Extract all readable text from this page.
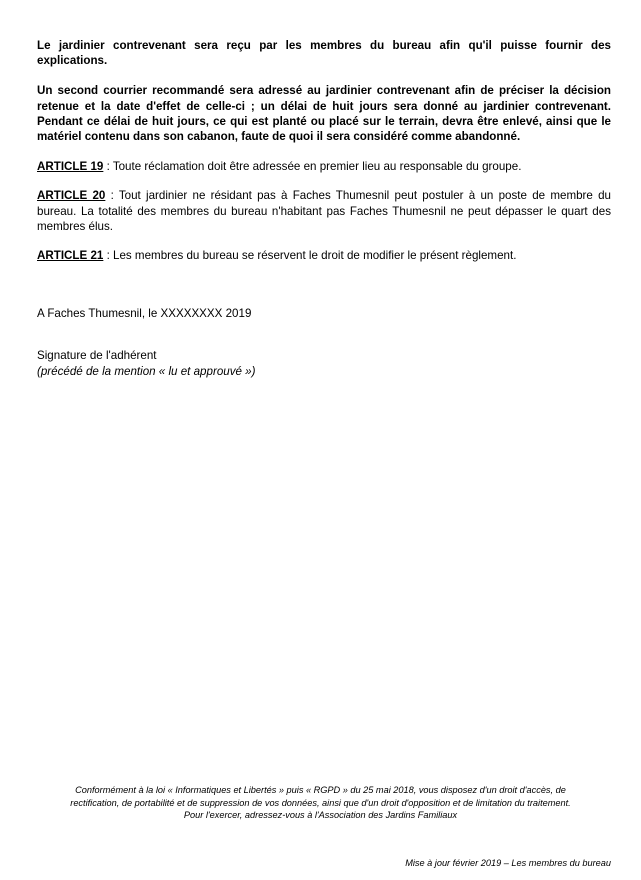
Le jardinier contrevenant sera reçu par les membres du bureau afin qu'il puisse fournir des explications.

Un second courrier recommandé sera adressé au jardinier contrevenant afin de préciser la décision retenue et la date d'effet de celle-ci ; un délai de huit jours sera donné au jardinier contrevenant. Pendant ce délai de huit jours, ce qui est planté ou placé sur le terrain, devra être enlevé, ainsi que le matériel contenu dans son cabanon, faute de quoi il sera considéré comme abandonné.

ARTICLE 19 : Toute réclamation doit être adressée en premier lieu au responsable du groupe.

ARTICLE 20 : Tout jardinier ne résidant pas à Faches Thumesnil peut postuler à un poste de membre du bureau. La totalité des membres du bureau n'habitant pas Faches Thumesnil ne peut dépasser le quart des membres élus.

ARTICLE 21 : Les membres du bureau se réservent le droit de modifier le présent règlement.

A Faches Thumesnil, le XXXXXXXX 2019

Signature de l'adhérent

(précédé de la mention « lu et approuvé »)

Conformément à la loi « Informatiques et Libertés » puis « RGPD » du 25 mai 2018, vous disposez d'un droit d'accès, de
rectification, de portabilité et de suppression de vos données, ainsi que d'un droit d'opposition et de limitation du traitement.
Pour l'exercer, adressez-vous à l'Association des Jardins Familiaux
Mise à jour février 2019 – Les membres du bureau
